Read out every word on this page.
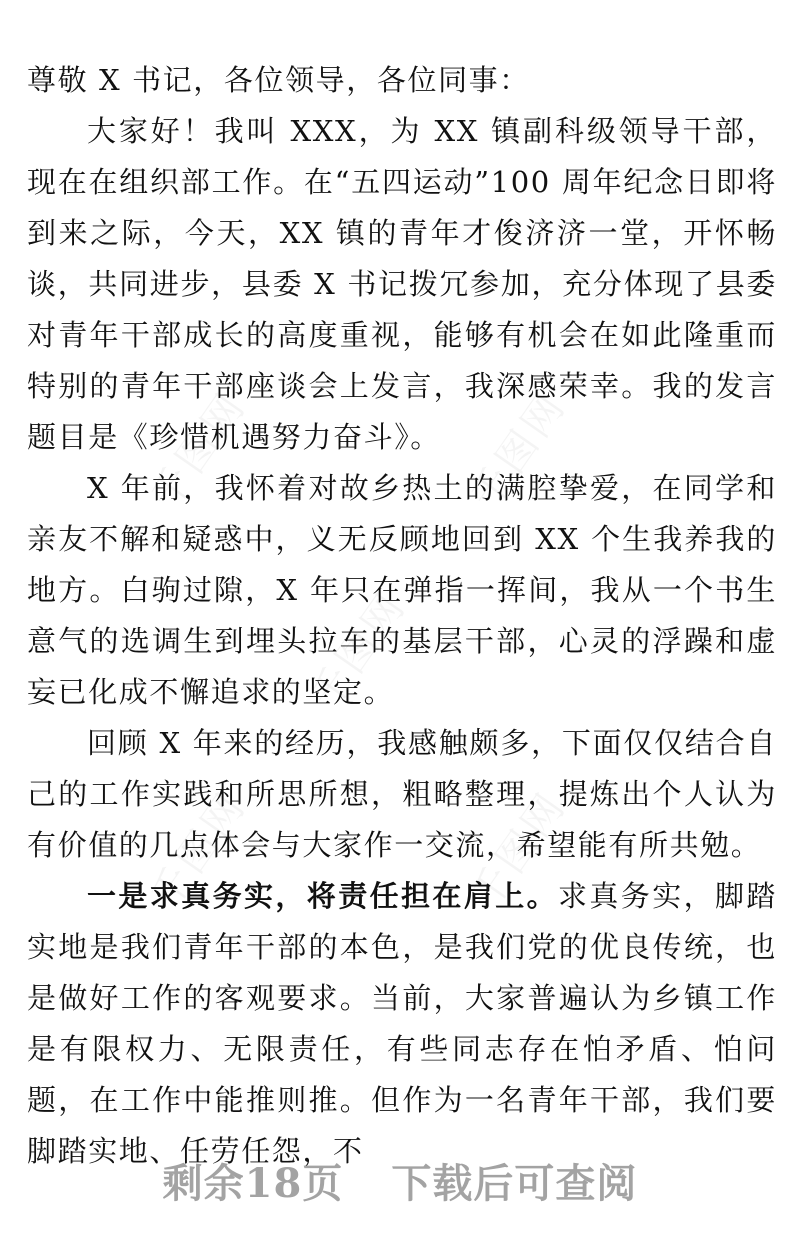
尊敬 X 书记，各位领导，各位同事：

大家好！我叫 XXX，为 XX 镇副科级领导干部，现在在组织部工作。在“五四运动”100 周年纪念日即将到来之际，今天，XX 镇的青年才俊济济一堂，开怀畅谈，共同进步，县委 X 书记拨冗参加，充分体现了县委对青年干部成长的高度重视，能够有机会在如此隆重而特别的青年干部座谈会上发言，我深感荣幸。我的发言题目是《珍惜机遇努力奋斗》。

X 年前，我怀着对故乡热土的满腔挚爱，在同学和亲友不解和疑惑中，义无反顾地回到 XX 个生我养我的地方。白驹过隙，X 年只在弹指一挥间，我从一个书生意气的选调生到埋头拉车的基层干部，心灵的浮躁和虚妄已化成不懈追求的坚定。

回顾 X 年来的经历，我感触颇多，下面仅仅结合自己的工作实践和所思所想，粗略整理，提炼出个人认为有价值的几点体会与大家作一交流，希望能有所共勉。

一是求真务实，将责任担在肩上。求真务实，脚踏实地是我们青年干部的本色，是我们党的优良传统，也是做好工作的客观要求。当前，大家普遍认为乡镇工作是有限权力、无限责任，有些同志存在怕矛盾、怕问题，在工作中能推则推。但作为一名青年干部，我们要脚踏实地、任劳任怨，不

剩余18页 下载后可查阅
